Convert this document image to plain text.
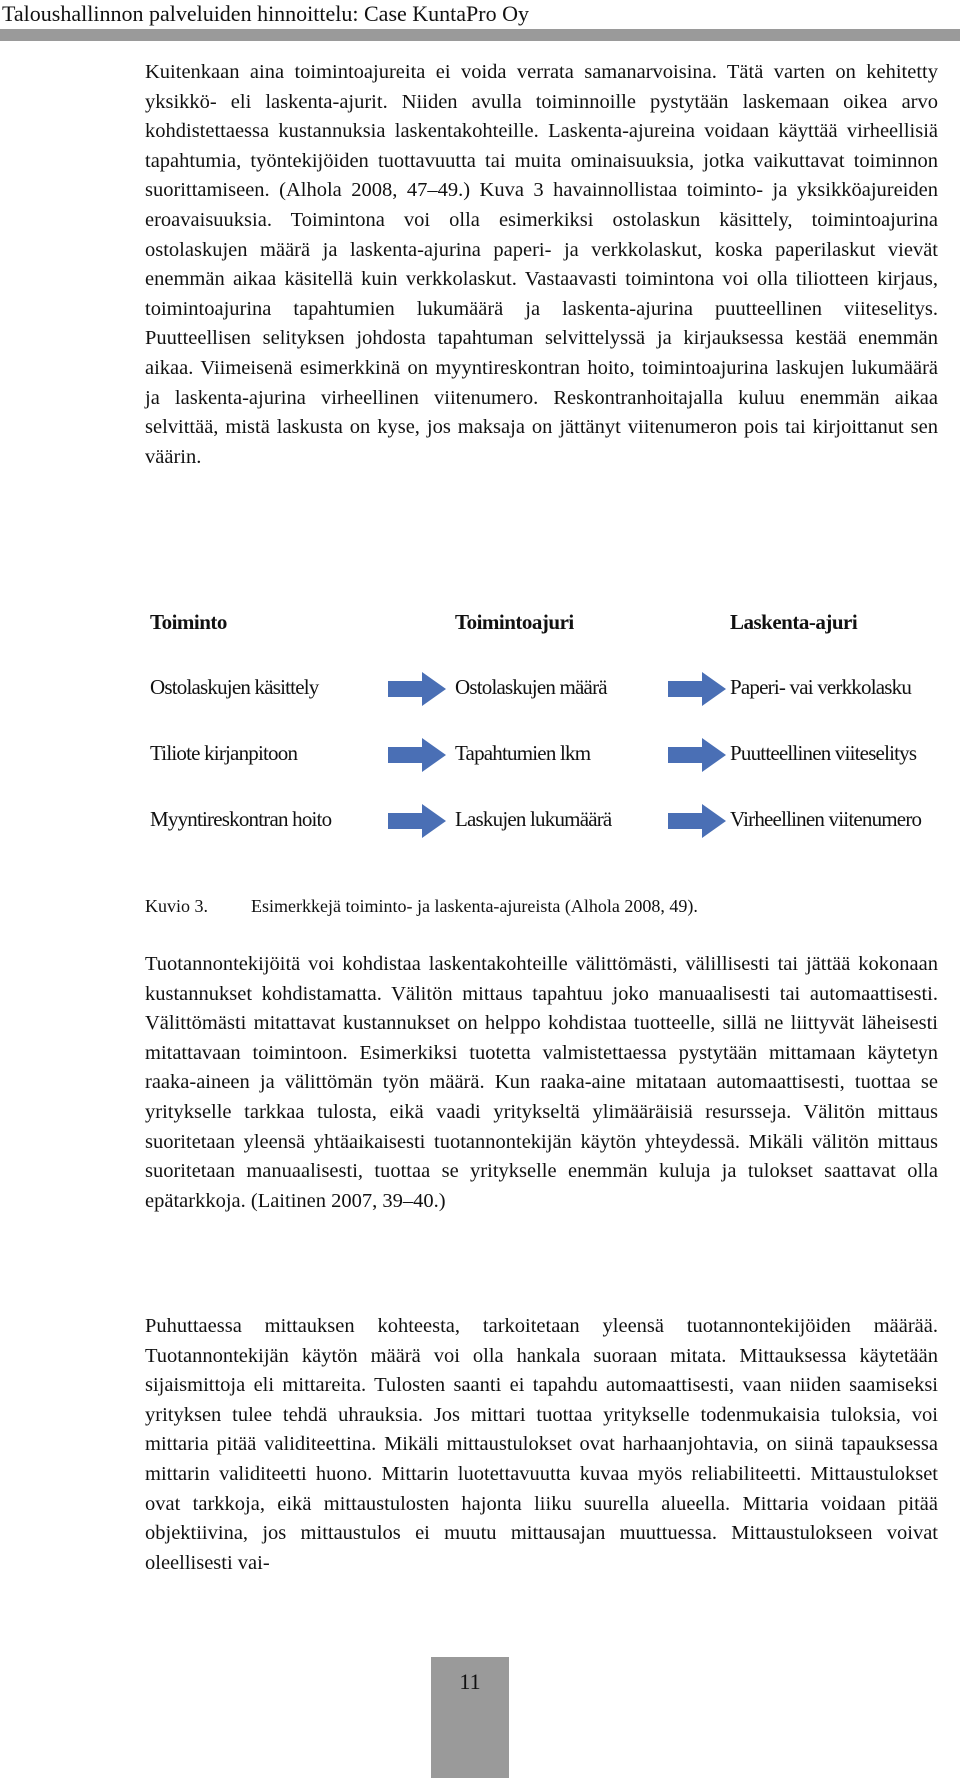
Taloushallinnon palveluiden hinnoittelu: Case KuntaPro Oy

Kuitenkaan aina toimintoajureita ei voida verrata samanarvoisina. Tätä varten on kehitetty yksikkö- eli laskenta-ajurit. Niiden avulla toiminnoille pystytään laskemaan oikea arvo kohdistettaessa kustannuksia laskentakohteille. Laskenta-ajureina voidaan käyttää virheellisiä tapahtumia, työntekijöiden tuottavuutta tai muita ominaisuuksia, jotka vaikuttavat toiminnon suorittamiseen. (Alhola 2008, 47–49.) Kuva 3 havainnollistaa toiminto- ja yksikköajureiden eroavaisuuksia. Toimintona voi olla esimerkiksi ostolaskun käsittely, toimintoajurina ostolaskujen määrä ja laskenta-ajurina paperi- ja verkkolaskut, koska paperilaskut vievät enemmän aikaa käsitellä kuin verkkolaskut. Vastaavasti toimintona voi olla tiliotteen kirjaus, toimintoajurina tapahtumien lukumäärä ja laskenta-ajurina puutteellinen viiteselitys. Puutteellisen selityksen johdosta tapahtuman selvittelyssä ja kirjauksessa kestää enemmän aikaa. Viimeisenä esimerkkinä on myyntireskontran hoito, toimintoajurina laskujen lukumäärä ja laskenta-ajurina virheellinen viitenumero. Reskontranhoitajalla kuluu enemmän aikaa selvittää, mistä laskusta on kyse, jos maksaja on jättänyt viitenumeron pois tai kirjoittanut sen väärin.

Toiminto	Toimintoajuri	Laskenta-ajuri
Ostolaskujen käsittely	Ostolaskujen määrä	Paperi- vai verkkolasku
Tiliote kirjanpitoon	Tapahtumien lkm	Puutteellinen viiteselitys
Myyntireskontran hoito	Laskujen lukumäärä	Virheellinen viitenumero
Kuvio 3. Esimerkkejä toiminto- ja laskenta-ajureista (Alhola 2008, 49).

Tuotannontekijöitä voi kohdistaa laskentakohteille välittömästi, välillisesti tai jättää kokonaan kustannukset kohdistamatta. Välitön mittaus tapahtuu joko manuaalisesti tai automaattisesti. Välittömästi mitattavat kustannukset on helppo kohdistaa tuotteelle, sillä ne liittyvät läheisesti mitattavaan toimintoon. Esimerkiksi tuotetta valmistettaessa pystytään mittamaan käytetyn raaka-aineen ja välittömän työn määrä. Kun raaka-aine mitataan automaattisesti, tuottaa se yritykselle tarkkaa tulosta, eikä vaadi yritykseltä ylimääräisiä resursseja. Välitön mittaus suoritetaan yleensä yhtäaikaisesti tuotannontekijän käytön yhteydessä. Mikäli välitön mittaus suoritetaan manuaalisesti, tuottaa se yritykselle enemmän kuluja ja tulokset saattavat olla epätarkkoja. (Laitinen 2007, 39–40.)

Puhuttaessa mittauksen kohteesta, tarkoitetaan yleensä tuotannontekijöiden määrää. Tuotannontekijän käytön määrä voi olla hankala suoraan mitata. Mittauksessa käytetään sijaismittoja eli mittareita. Tulosten saanti ei tapahdu automaattisesti, vaan niiden saamiseksi yrityksen tulee tehdä uhrauksia. Jos mittari tuottaa yritykselle todenmukaisia tuloksia, voi mittaria pitää validiteettina. Mikäli mittaustulokset ovat harhaanjohtavia, on siinä tapauksessa mittarin validiteetti huono. Mittarin luotettavuutta kuvaa myös reliabiliteetti. Mittaustulokset ovat tarkkoja, eikä mittaustulosten hajonta liiku suurella alueella. Mittaria voidaan pitää objektiivina, jos mittaustulos ei muutu mittausajan muuttuessa. Mittaustulokseen voivat oleellisesti vai-

11
